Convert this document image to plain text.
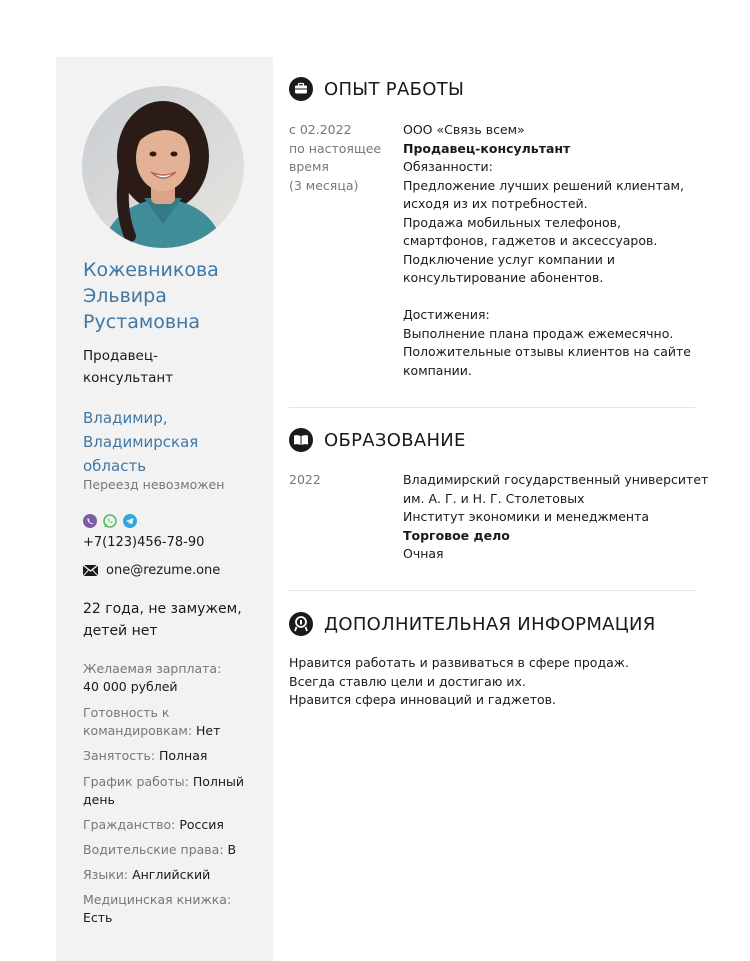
Кожевникова
Эльвира
Рустамовна
Продавец-
консультант
Владимир,
Владимирская
область
Переезд невозможен
+7(123)456-78-90
one@rezume.one
22 года, не замужем,
детей нет
Желаемая зарплата:
40 000 рублей
Готовность к
командировкам: Нет
Занятость: Полная
График работы: Полный
день
Гражданство: Россия
Водительские права: B
Языки: Английский
Медицинская книжка:
Есть
ОПЫТ РАБОТЫ
с 02.2022
по настоящее
время
(3 месяца)
ООО «Связь всем»
Продавец-консультант
Обязанности:
Предложение лучших решений клиентам,
исходя из их потребностей.
Продажа мобильных телефонов,
смартфонов, гаджетов и аксессуаров.
Подключение услуг компании и
консультирование абонентов.
Достижения:
Выполнение плана продаж ежемесячно.
Положительные отзывы клиентов на сайте
компании.
ОБРАЗОВАНИЕ
2022	Владимирский государственный университет
им. А. Г. и Н. Г. Столетовых
Институт экономики и менеджмента
Торговое дело
Очная
ДОПОЛНИТЕЛЬНАЯ ИНФОРМАЦИЯ
Нравится работать и развиваться в сфере продаж.
Всегда ставлю цели и достигаю их.
Нравится сфера инноваций и гаджетов.
